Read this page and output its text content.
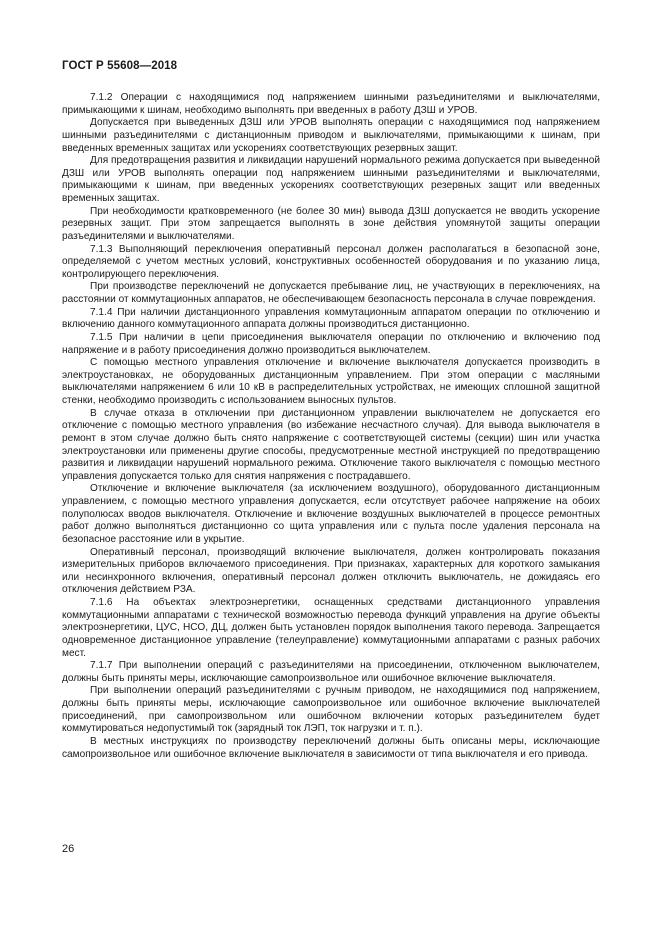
ГОСТ Р 55608—2018

7.1.2 Операции с находящимися под напряжением шинными разъединителями и выключателями, примыкающими к шинам, необходимо выполнять при введенных в работу ДЗШ и УРОВ.

Допускается при выведенных ДЗШ или УРОВ выполнять операции с находящимися под напряжением шинными разъединителями с дистанционным приводом и выключателями, примыкающими к шинам, при введенных временных защитах или ускорениях соответствующих резервных защит.

Для предотвращения развития и ликвидации нарушений нормального режима допускается при выведенной ДЗШ или УРОВ выполнять операции под напряжением шинными разъединителями и выключателями, примыкающими к шинам, при введенных ускорениях соответствующих резервных защит или введенных временных защитах.

При необходимости кратковременного (не более 30 мин) вывода ДЗШ допускается не вводить ускорение резервных защит. При этом запрещается выполнять в зоне действия упомянутой защиты операции разъединителями и выключателями.

7.1.3 Выполняющий переключения оперативный персонал должен располагаться в безопасной зоне, определяемой с учетом местных условий, конструктивных особенностей оборудования и по указанию лица, контролирующего переключения.

При производстве переключений не допускается пребывание лиц, не участвующих в переключениях, на расстоянии от коммутационных аппаратов, не обеспечивающем безопасность персонала в случае повреждения.

7.1.4 При наличии дистанционного управления коммутационным аппаратом операции по отключению и включению данного коммутационного аппарата должны производиться дистанционно.

7.1.5 При наличии в цепи присоединения выключателя операции по отключению и включению под напряжение и в работу присоединения должно производиться выключателем.

С помощью местного управления отключение и включение выключателя допускается производить в электроустановках, не оборудованных дистанционным управлением. При этом операции с масляными выключателями напряжением 6 или 10 кВ в распределительных устройствах, не имеющих сплошной защитной стенки, необходимо производить с использованием выносных пультов.

В случае отказа в отключении при дистанционном управлении выключателем не допускается его отключение с помощью местного управления (во избежание несчастного случая). Для вывода выключателя в ремонт в этом случае должно быть снято напряжение с соответствующей системы (секции) шин или участка электроустановки или применены другие способы, предусмотренные местной инструкцией по предотвращению развития и ликвидации нарушений нормального режима. Отключение такого выключателя с помощью местного управления допускается только для снятия напряжения с пострадавшего.

Отключение и включение выключателя (за исключением воздушного), оборудованного дистанционным управлением, с помощью местного управления допускается, если отсутствует рабочее напряжение на обоих полуполюсах вводов выключателя. Отключение и включение воздушных выключателей в процессе ремонтных работ должно выполняться дистанционно со щита управления или с пульта после удаления персонала на безопасное расстояние или в укрытие.

Оперативный персонал, производящий включение выключателя, должен контролировать показания измерительных приборов включаемого присоединения. При признаках, характерных для короткого замыкания или несинхронного включения, оперативный персонал должен отключить выключатель, не дожидаясь его отключения действием РЗА.

7.1.6 На объектах электроэнергетики, оснащенных средствами дистанционного управления коммутационными аппаратами с технической возможностью перевода функций управления на другие объекты электроэнергетики, ЦУС, НСО, ДЦ, должен быть установлен порядок выполнения такого перевода. Запрещается одновременное дистанционное управление (телеуправление) коммутационными аппаратами с разных рабочих мест.

7.1.7 При выполнении операций с разъединителями на присоединении, отключенном выключателем, должны быть приняты меры, исключающие самопроизвольное или ошибочное включение выключателя.

При выполнении операций разъединителями с ручным приводом, не находящимися под напряжением, должны быть приняты меры, исключающие самопроизвольное или ошибочное включение выключателей присоединений, при самопроизвольном или ошибочном включении которых разъединителем будет коммутироваться недопустимый ток (зарядный ток ЛЭП, ток нагрузки и т. п.).

В местных инструкциях по производству переключений должны быть описаны меры, исключающие самопроизвольное или ошибочное включение выключателя в зависимости от типа выключателя и его привода.

26
